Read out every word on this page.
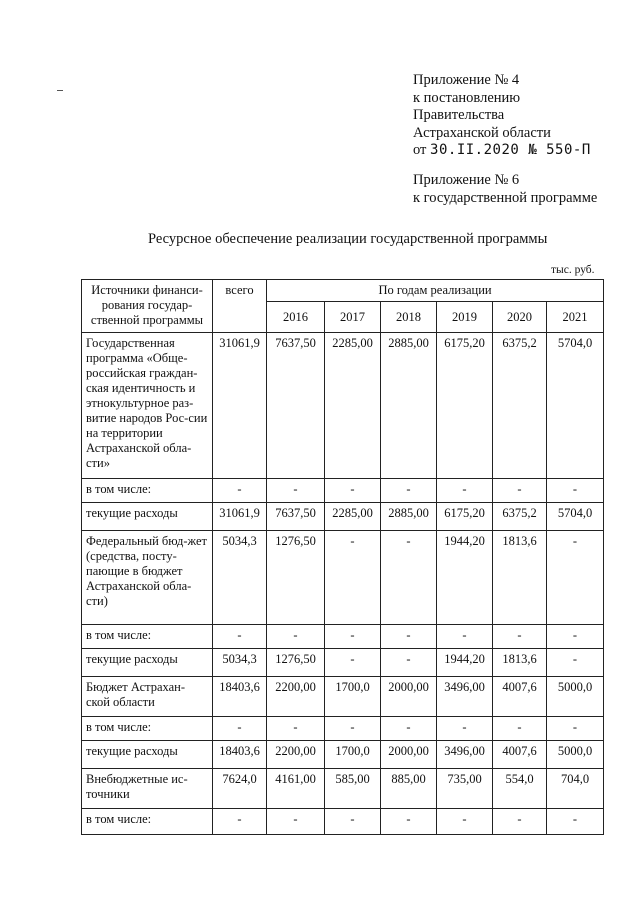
Приложение № 4
к постановлению
Правительства
Астраханской области
от 30.II.2020 № 550-П
Приложение № 6
к государственной программе
Ресурсное обеспечение реализации государственной программы
тыс. руб.
Источники финанси-рования государ-ственной программы	всего	По годам реализации					
		2016	2017	2018	2019	2020	2021
Государственная программа «Обще-российская граждан-ская идентичность и этнокультурное раз-витие народов Рос-сии на территории Астраханской обла-сти»	31061,9	7637,50	2285,00	2885,00	6175,20	6375,2	5704,0
в том числе:	-	-	-	-	-	-	-
текущие расходы	31061,9	7637,50	2285,00	2885,00	6175,20	6375,2	5704,0
Федеральный бюд-жет (средства, посту-пающие в бюджет Астраханской обла-сти)	5034,3	1276,50	-	-	1944,20	1813,6	-
в том числе:	-	-	-	-	-	-	-
текущие расходы	5034,3	1276,50	-	-	1944,20	1813,6	-
Бюджет Астрахан-ской области	18403,6	2200,00	1700,0	2000,00	3496,00	4007,6	5000,0
в том числе:	-	-	-	-	-	-	-
текущие расходы	18403,6	2200,00	1700,0	2000,00	3496,00	4007,6	5000,0
Внебюджетные ис-точники	7624,0	4161,00	585,00	885,00	735,00	554,0	704,0
в том числе:	-	-	-	-	-	-	-
